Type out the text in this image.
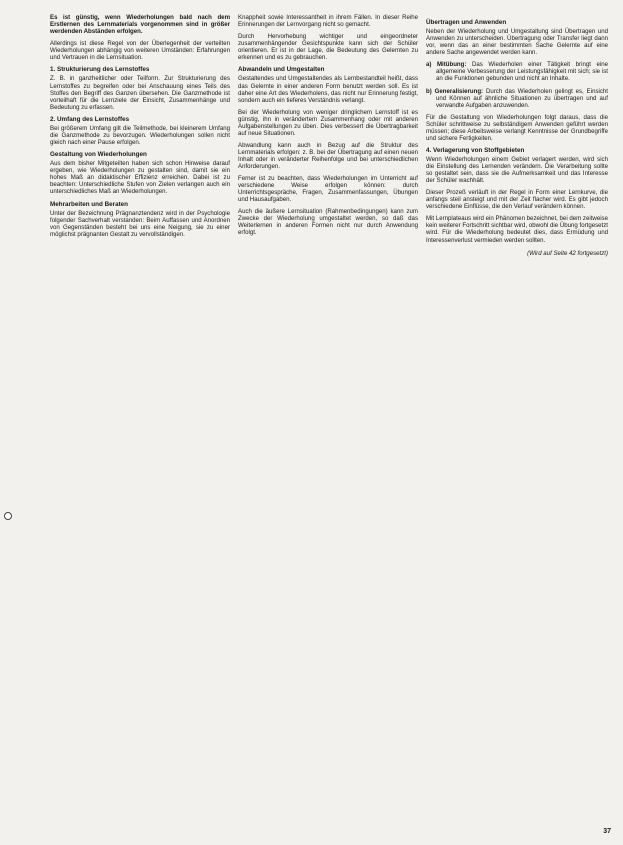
Es ist günstig, wenn Wiederholungen bald nach dem Erstlernen des Lernmaterials vorgenommen sind in größer werdenden Abständen erfolgen.

Allerdings ist diese Regel von der Überlegenheit der verteilten Wiederholungen abhängig von weiteren Umständen: Erfahrungen und Vertrauen in die Lernsituation.

1. Strukturierung des Lernstoffes

Z. B. in ganzheitlicher oder Teilform. Zur Strukturierung des Lernstoffes zu begreifen oder bei Anschauung eines Teils des Stoffes den Begriff des Ganzen übersehen. Die Ganzmethode ist vorteilhaft für die Lernziele der Einsicht, Zusammenhänge und Bedeutung zu erfassen.

2. Umfang des Lernstoffes

Bei größerem Umfang gilt die Teilmethode, bei kleinerem Umfang die Ganzmethode zu bevorzugen. Wiederholungen sollen nicht gleich nach einer Pause erfolgen.

Gestaltung von Wiederholungen

Aus dem bisher Mitgeteilten haben sich schon Hinweise darauf ergeben, wie Wiederholungen zu gestalten sind, damit sie ein hohes Maß an didaktischer Effizienz erreichen. Dabei ist zu beachten: Unterschiedliche Stufen von Zielen verlangen auch ein unterschiedliches Maß an Wiederholungen.

Mehrarbeiten und Beraten

Unter der Bezeichnung Prägnanztendenz wird in der Psychologie folgender Sachverhalt verstanden: Beim Auffassen und Anordnen von Gegenständen besteht bei uns eine Neigung, sie zu einer möglichst prägnanten Gestalt zu vervollständigen.

Knappheit sowie Interessantheit in ihrem Fällen. In dieser Reihe Erinnerungen der Lernvorgang nicht so gemacht.

Durch Hervorhebung wichtiger und eingeordneter zusammenhängender Gesichtspunkte kann sich der Schüler orientieren. Er ist in der Lage, die Bedeutung des Gelernten zu erkennen und es zu gebrauchen.

Abwandeln und Umgestalten

Gestaltendes und Umgestaltendes als Lernbestandteil heißt, dass das Gelernte in einer anderen Form benutzt werden soll. Es ist daher eine Art des Wiederholens, das nicht nur Erinnerung festigt, sondern auch ein tieferes Verständnis verlangt.

Bei der Wiederholung von weniger dringlichem Lernstoff ist es günstig, ihn in verändertem Zusammenhang oder mit anderen Aufgabenstellungen zu üben. Dies verbessert die Übertragbarkeit auf neue Situationen.

Abwandlung kann auch in Bezug auf die Struktur des Lernmaterials erfolgen: z. B. bei der Übertragung auf einen neuen Inhalt oder in veränderter Reihenfolge und bei unterschiedlichen Anforderungen.

Ferner ist zu beachten, dass Wiederholungen im Unterricht auf verschiedene Weise erfolgen können: durch Unterrichtsgespräche, Fragen, Zusammenfassungen, Übungen und Hausaufgaben.

Auch die äußere Lernsituation (Rahmenbedingungen) kann zum Zwecke der Wiederholung umgestaltet werden, so daß das Weiterlernen in anderen Formen nicht nur durch Anwendung erfolgt.

Übertragen und Anwenden

Neben der Wiederholung und Umgestaltung sind Übertragen und Anwenden zu unterscheiden. Übertragung oder Transfer liegt dann vor, wenn das an einer bestimmten Sache Gelernte auf eine andere Sache angewendet werden kann.

a) Mitübung: Das Wiederholen einer Tätigkeit bringt eine allgemeine Verbesserung der Leistungsfähigkeit mit sich; sie ist an die Funktionen gebunden und nicht an Inhalte.
b) Generalisierung: Durch das Wiederholen gelingt es, Einsicht und Können auf ähnliche Situationen zu übertragen und auf verwandte Aufgaben anzuwenden.

Für die Gestaltung von Wiederholungen folgt daraus, dass die Schüler schrittweise zu selbständigem Anwenden geführt werden müssen; diese Arbeitsweise verlangt Kenntnisse der Grundbegriffe und sichere Fertigkeiten.

4. Verlagerung von Stoffgebieten

Wenn Wiederholungen einem Gebiet verlagert werden, wird sich die Einstellung des Lernenden verändern. Die Verarbeitung sollte so gestaltet sein, dass sie die Aufmerksamkeit und das Interesse der Schüler wachhält.

Dieser Prozeß verläuft in der Regel in Form einer Lernkurve, die anfangs steil ansteigt und mit der Zeit flacher wird. Es gibt jedoch verschiedene Einflüsse, die den Verlauf verändern können.

Mit Lernplateaus wird ein Phänomen bezeichnet, bei dem zeitweise kein weiterer Fortschritt sichtbar wird, obwohl die Übung fortgesetzt wird. Für die Wiederholung bedeutet dies, dass Ermüdung und Interessenverlust vermieden werden sollten.

(Wird auf Seite 42 fortgesetzt)
37
